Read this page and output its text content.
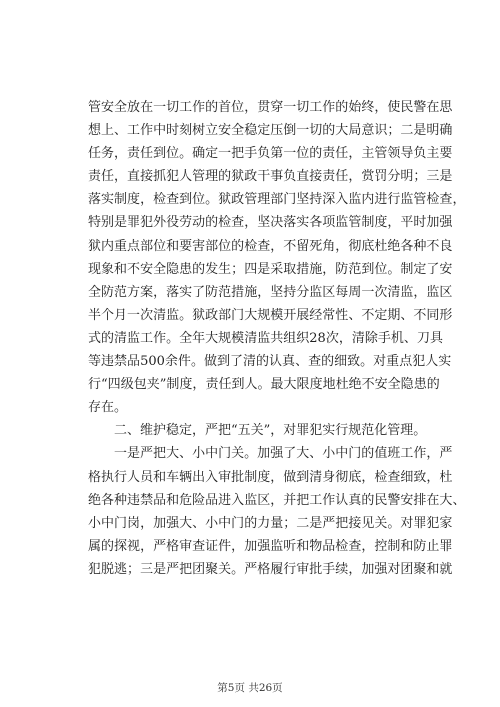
管 安 全 放 在 一 切 工 作 的 首 位 ， 贯 穿 一 切 工 作 的 始 终 ， 使 民 警 在 思
想 上 、 工 作 中 时 刻 树 立 安 全 稳 定 压 倒 一 切 的 大 局 意 识 ； 二 是 明 确
任 务 ， 责 任 到 位 。 确 定 一 把 手 负 第 一 位 的 责 任 ， 主 管 领 导 负 主 要
责 任 ， 直 接 抓 犯 人 管 理 的 狱 政 干 事 负 直 接 责 任 ， 赏 罚 分 明 ； 三 是
落 实 制 度 ， 检 查 到 位 。 狱 政 管 理 部 门 坚 持 深 入 监 内 进 行 监 管 检 查 ，
特 别 是 罪 犯 外 役 劳 动 的 检 查 ， 坚 决 落 实 各 项 监 管 制 度 ， 平 时 加 强
狱 内 重 点 部 位 和 要 害 部 位 的 检 查 ， 不 留 死 角 ， 彻 底 杜 绝 各 种 不 良
现 象 和 不 安 全 隐 患 的 发 生 ； 四 是 采 取 措 施 ， 防 范 到 位 。 制 定 了 安
全 防 范 方 案 ， 落 实 了 防 范 措 施 ， 坚 持 分 监 区 每 周 一 次 清 监 ， 监 区
半 个 月 一 次 清 监 。 狱 政 部 门 大 规 模 开 展 经 常 性 、 不 定 期 、 不 同 形
式 的 清 监 工 作 。 全 年 大 规 模 清 监 共 组 织 2 8 次 ， 清 除 手 机 、 刀 具
等 违 禁 品 5 0 0 余 件 。 做 到 了 清 的 认 真 、 查 的 细 致 。 对 重 点 犯 人 实
行 “ 四 级 包 夹 ” 制 度 ， 责 任 到 人 。 最 大 限 度 地 杜 绝 不 安 全 隐 患 的
存在。
二、维护稳定，严把“五关”，对罪犯实行规范化管理。
一 是 严 把 大 、 小 中 门 关 。 加 强 了 大 、 小 中 门 的 值 班 工 作 ， 严
格 执 行 人 员 和 车 辆 出 入 审 批 制 度 ， 做 到 清 身 彻 底 ， 检 查 细 致 ， 杜
绝 各 种 违 禁 品 和 危 险 品 进 入 监 区 ， 并 把 工 作 认 真 的 民 警 安 排 在 大 、
小 中 门 岗 ， 加 强 大 、 小 中 门 的 力 量 ； 二 是 严 把 接 见 关 。 对 罪 犯 家
属 的 探 视 ， 严 格 审 查 证 件 ， 加 强 监 听 和 物 品 检 查 ， 控 制 和 防 止 罪
犯 脱 逃 ； 三 是 严 把 团 聚 关 。 严 格 履 行 审 批 手 续 ， 加 强 对 团 聚 和 就
第5页 共26页
